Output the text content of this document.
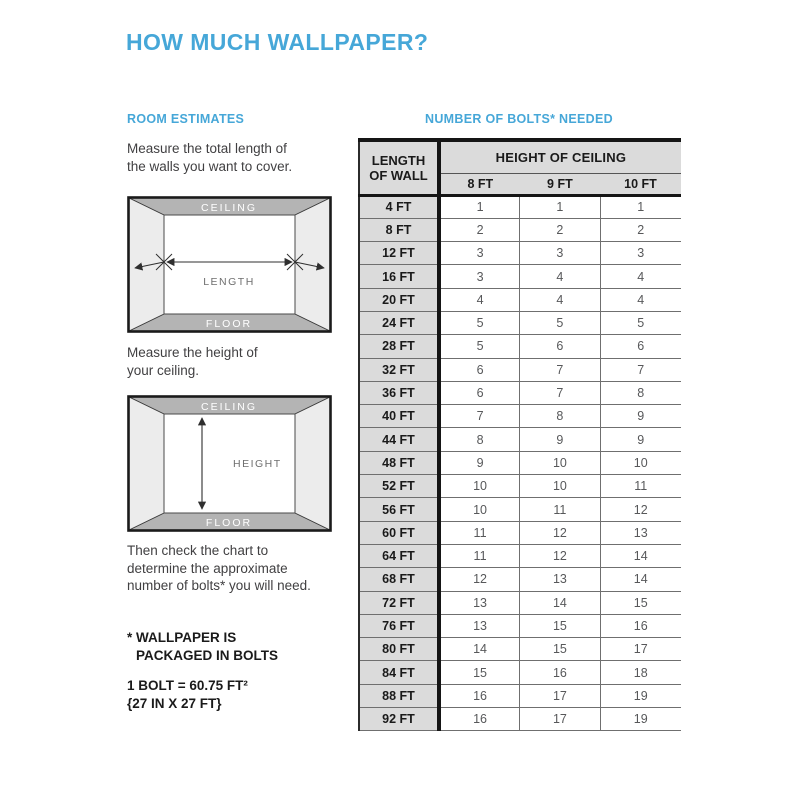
HOW MUCH WALLPAPER?
ROOM ESTIMATES	NUMBER OF BOLTS* NEEDED

Measure the total length of
the walls you want to cover.

CEILING
FLOOR
LENGTH

Measure the height of
your ceiling.

CEILING
FLOOR
HEIGHT

Then check the chart to
determine the approximate
number of bolts* you will need.

* WALLPAPER IS
PACKAGED IN BOLTS

1 BOLT = 60.75 FT²
{27 IN X 27 FT}

LENGTH OF WALL	HEIGHT OF CEILING		
	8 FT	9 FT	10 FT
4 FT	1	1	1
8 FT	2	2	2
12 FT	3	3	3
16 FT	3	4	4
20 FT	4	4	4
24 FT	5	5	5
28 FT	5	6	6
32 FT	6	7	7
36 FT	6	7	8
40 FT	7	8	9
44 FT	8	9	9
48 FT	9	10	10
52 FT	10	10	11
56 FT	10	11	12
60 FT	11	12	13
64 FT	11	12	14
68 FT	12	13	14
72 FT	13	14	15
76 FT	13	15	16
80 FT	14	15	17
84 FT	15	16	18
88 FT	16	17	19
92 FT	16	17	19
